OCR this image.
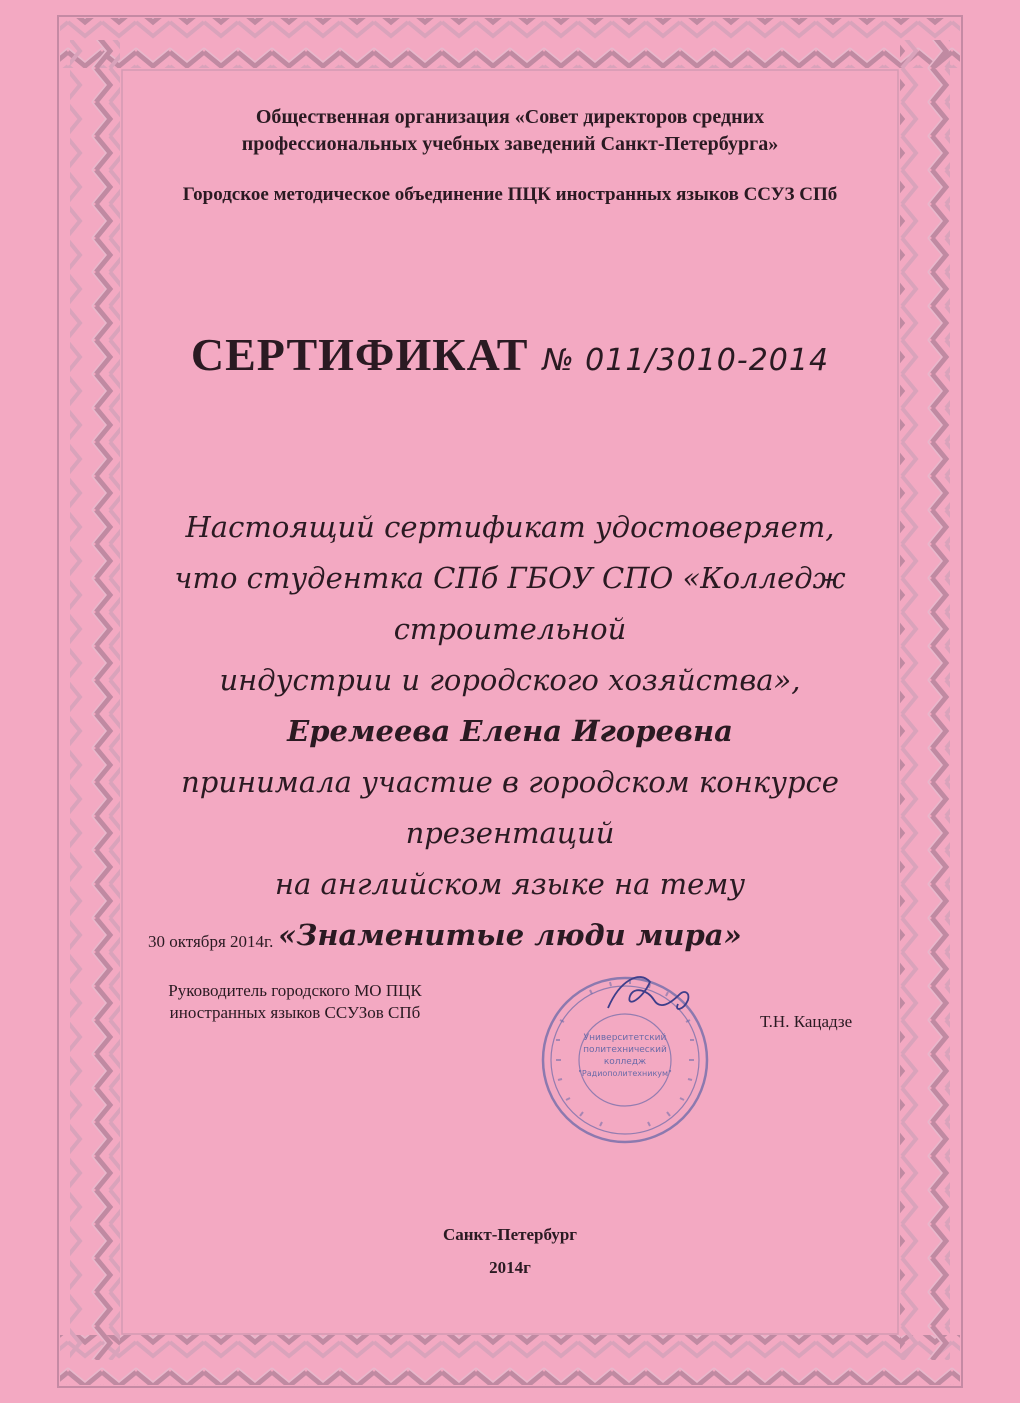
Общественная организация «Совет директоров средних
профессиональных учебных заведений Санкт-Петербурга»
Городское методическое объединение ПЦК иностранных языков ССУЗ СПб
СЕРТИФИКАТ № 011/3010-2014
Настоящий сертификат удостоверяет,
что студентка СПб ГБОУ СПО «Колледж строительной
индустрии и городского хозяйства»,
Еремеева Елена Игоревна
принимала участие в городском конкурсе презентаций
на английском языке на тему
«Знаменитые люди мира»
30 октября 2014г.
Руководитель городского МО ПЦК
иностранных языков ССУЗов СПб
Университетский
политехнический
колледж
"Радиополитехникум"
Т.Н. Кацадзе
Санкт-Петербург
2014г
